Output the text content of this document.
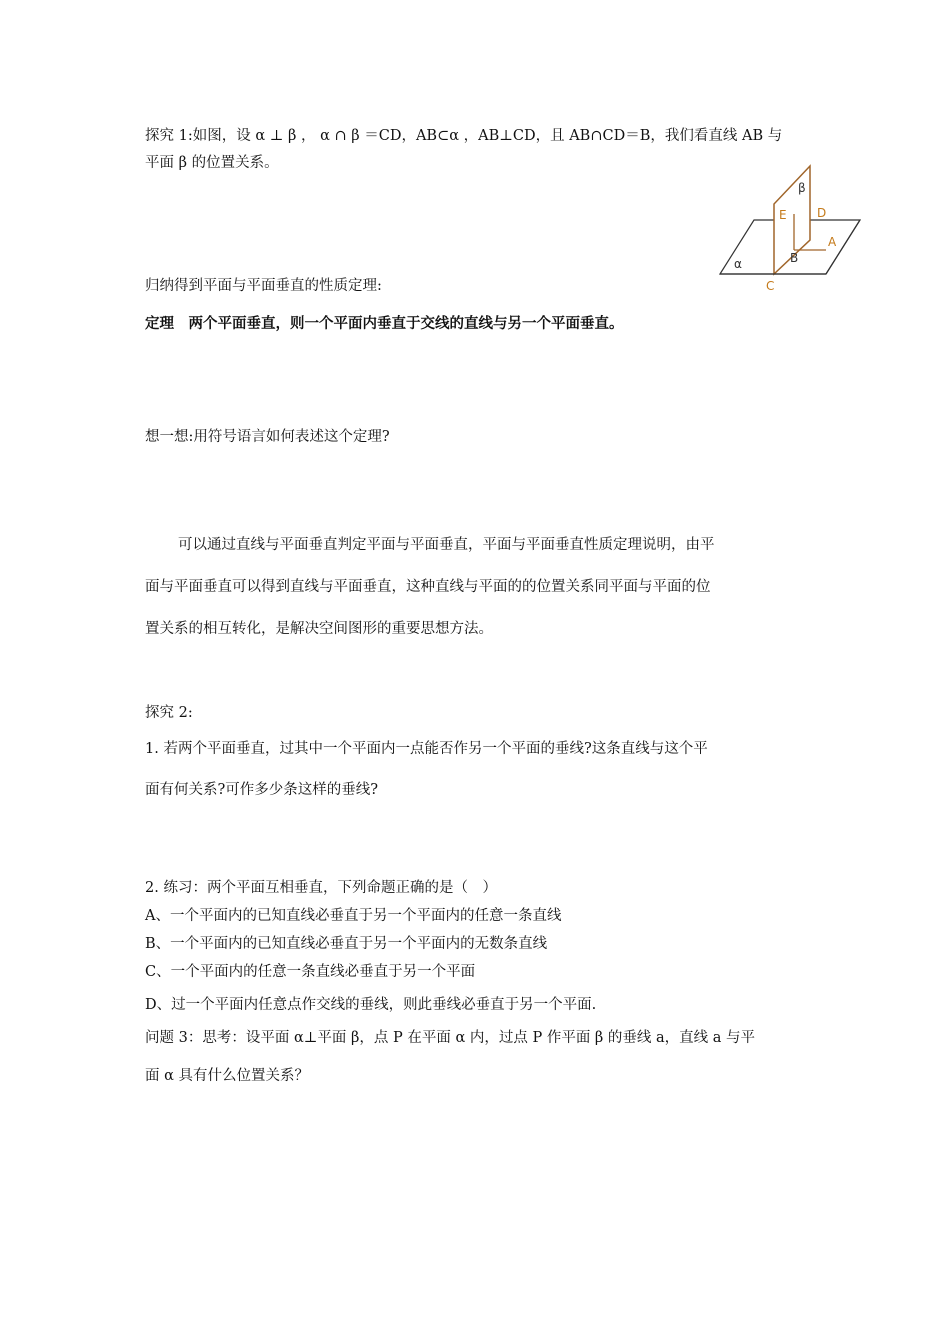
探究 1:如图，设 α ⊥ β ， α ∩ β ＝CD，AB⊂α ，AB⊥CD，且 AB∩CD＝B，我们看直线 AB 与
平面 β 的位置关系。
α
β
E	D
A
B
C
归纳得到平面与平面垂直的性质定理:
定理　两个平面垂直，则一个平面内垂直于交线的直线与另一个平面垂直。
想一想:用符号语言如何表述这个定理?
可以通过直线与平面垂直判定平面与平面垂直，平面与平面垂直性质定理说明，由平
面与平面垂直可以得到直线与平面垂直，这种直线与平面的的位置关系同平面与平面的位
置关系的相互转化，是解决空间图形的重要思想方法。
探究 2:
1. 若两个平面垂直，过其中一个平面内一点能否作另一个平面的垂线?这条直线与这个平
面有何关系?可作多少条这样的垂线?
2. 练习：两个平面互相垂直，下列命题正确的是（　）
A、一个平面内的已知直线必垂直于另一个平面内的任意一条直线
B、一个平面内的已知直线必垂直于另一个平面内的无数条直线
C、一个平面内的任意一条直线必垂直于另一个平面
D、过一个平面内任意点作交线的垂线，则此垂线必垂直于另一个平面.
问题 3：思考：设平面 α⊥平面 β，点 P 在平面 α 内，过点 P 作平面 β 的垂线 a，直线 a 与平
面 α 具有什么位置关系？
